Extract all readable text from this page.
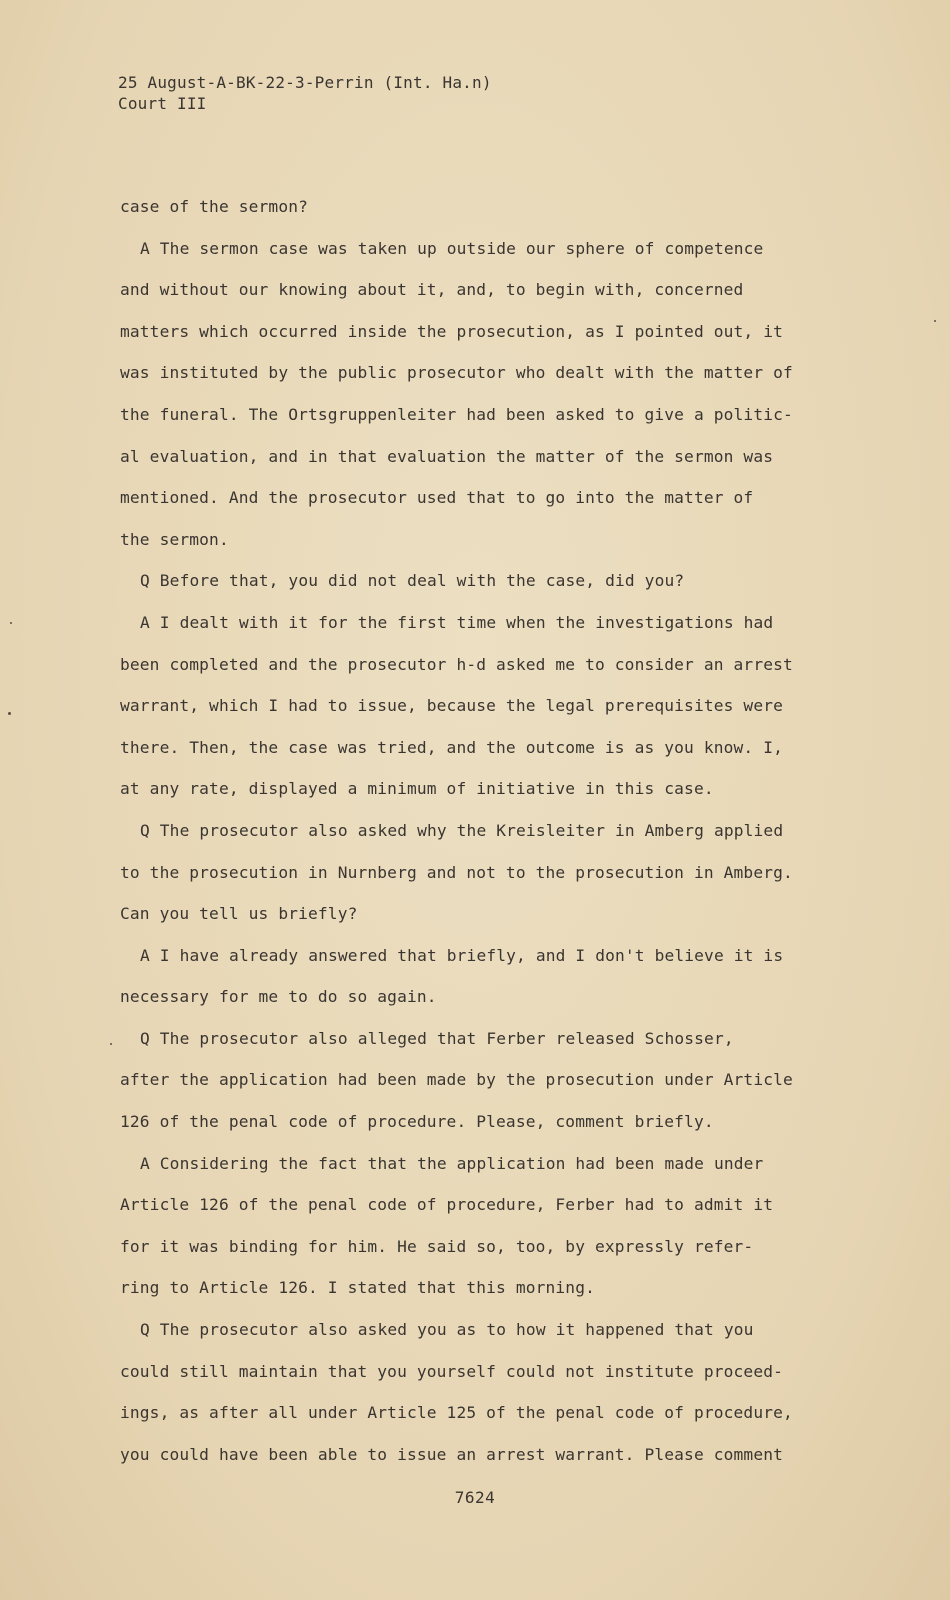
25 August-A-BK-22-3-Perrin (Int. Ha.n)
Court III
case of the sermon?
A The sermon case was taken up outside our sphere of competence
and without our knowing about it, and, to begin with, concerned
matters which occurred inside the prosecution, as I pointed out, it
was instituted by the public prosecutor who dealt with the matter of
the funeral. The Ortsgruppenleiter had been asked to give a politic-
al evaluation, and in that evaluation the matter of the sermon was
mentioned. And the prosecutor used that to go into the matter of
the sermon.
Q Before that, you did not deal with the case, did you?
A I dealt with it for the first time when the investigations had
been completed and the prosecutor h-d asked me to consider an arrest
warrant, which I had to issue, because the legal prerequisites were
there. Then, the case was tried, and the outcome is as you know. I,
at any rate, displayed a minimum of initiative in this case.
Q The prosecutor also asked why the Kreisleiter in Amberg applied
to the prosecution in Nurnberg and not to the prosecution in Amberg.
Can you tell us briefly?
A I have already answered that briefly, and I don't believe it is
necessary for me to do so again.
Q The prosecutor also alleged that Ferber released Schosser,
after the application had been made by the prosecution under Article
126 of the penal code of procedure. Please, comment briefly.
A Considering the fact that the application had been made under
Article 126 of the penal code of procedure, Ferber had to admit it
for it was binding for him. He said so, too, by expressly refer-
ring to Article 126. I stated that this morning.
Q The prosecutor also asked you as to how it happened that you
could still maintain that you yourself could not institute proceed-
ings, as after all under Article 125 of the penal code of procedure,
you could have been able to issue an arrest warrant. Please comment
7624
